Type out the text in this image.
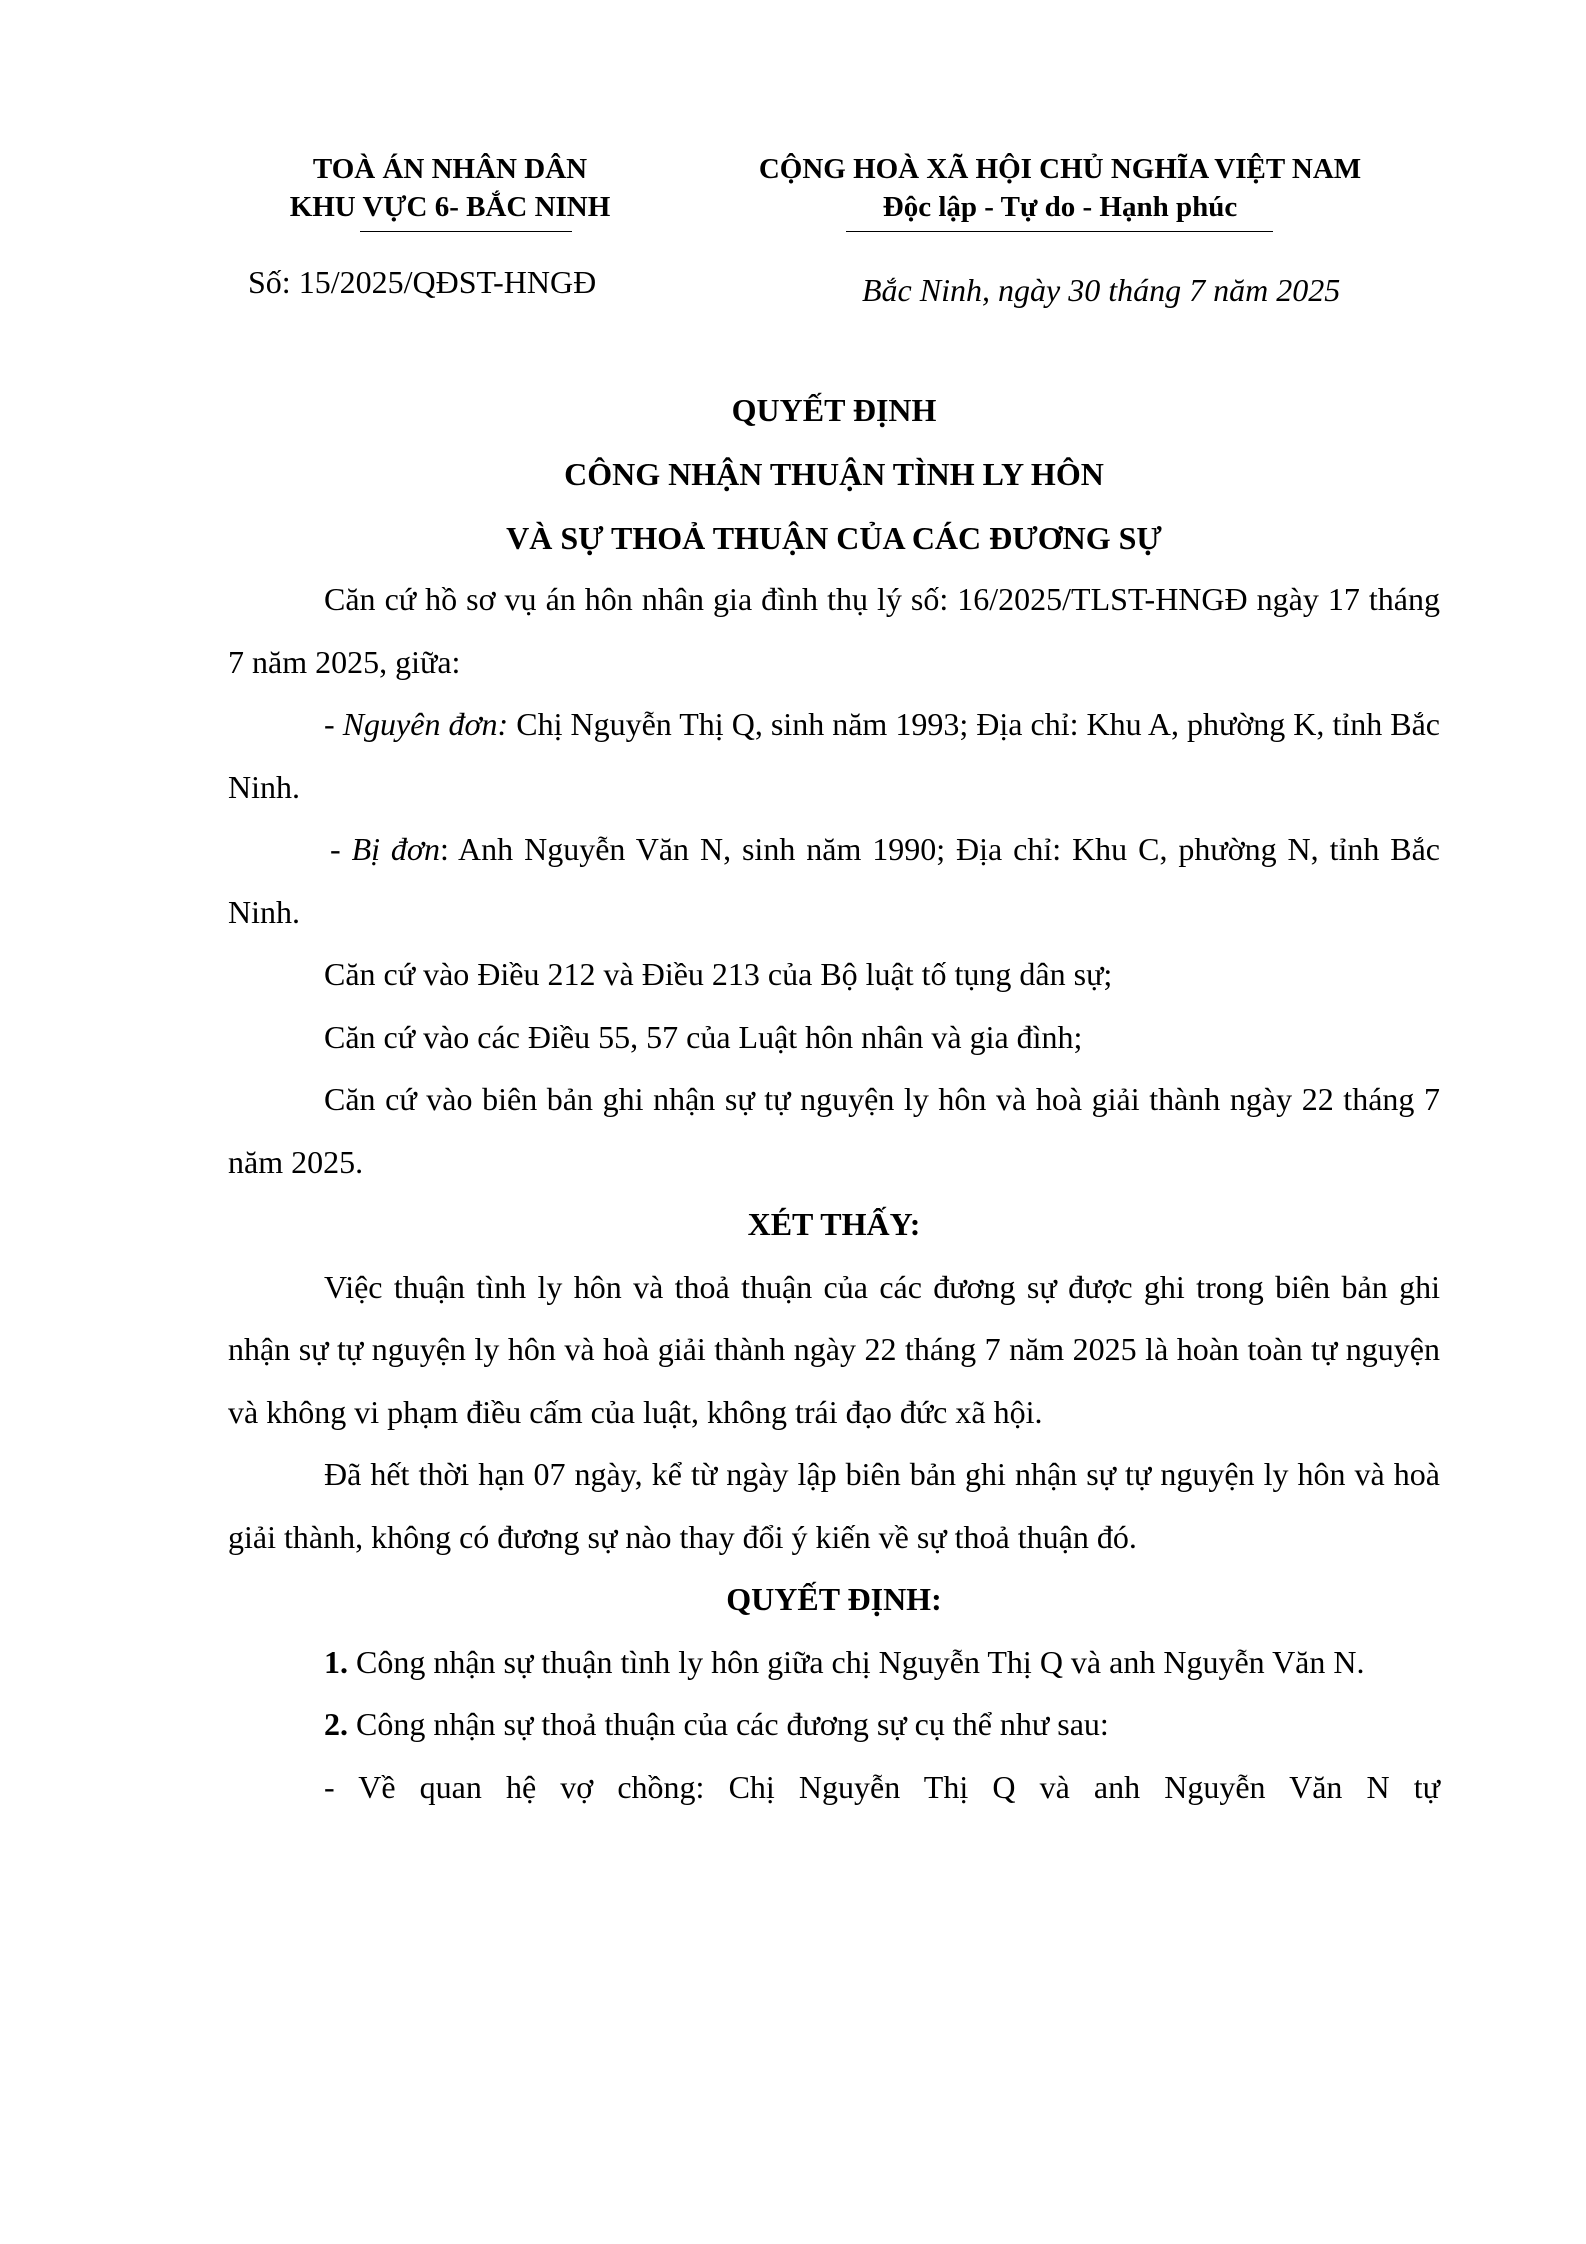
TOÀ ÁN NHÂN DÂN
KHU VỰC 6- BẮC NINH
CỘNG HOÀ XÃ HỘI CHỦ NGHĨA VIỆT NAM
Độc lập - Tự do - Hạnh phúc
Số: 15/2025/QĐST-HNGĐ	Bắc Ninh, ngày 30 tháng 7 năm 2025
QUYẾT ĐỊNH
CÔNG NHẬN THUẬN TÌNH LY HÔN
VÀ SỰ THOẢ THUẬN CỦA CÁC ĐƯƠNG SỰ

Căn cứ hồ sơ vụ án hôn nhân gia đình thụ lý số: 16/2025/TLST-HNGĐ ngày 17 tháng 7 năm 2025, giữa:

- Nguyên đơn: Chị Nguyễn Thị Q, sinh năm 1993; Địa chỉ: Khu A, phường K, tỉnh Bắc Ninh.

- Bị đơn: Anh Nguyễn Văn N, sinh năm 1990; Địa chỉ: Khu C, phường N, tỉnh Bắc Ninh.

Căn cứ vào Điều 212 và Điều 213 của Bộ luật tố tụng dân sự;

Căn cứ vào các Điều 55, 57 của Luật hôn nhân và gia đình;

Căn cứ vào biên bản ghi nhận sự tự nguyện ly hôn và hoà giải thành ngày 22 tháng 7 năm 2025.

XÉT THẤY:

Việc thuận tình ly hôn và thoả thuận của các đương sự được ghi trong biên bản ghi nhận sự tự nguyện ly hôn và hoà giải thành ngày 22 tháng 7 năm 2025 là hoàn toàn tự nguyện và không vi phạm điều cấm của luật, không trái đạo đức xã hội.

Đã hết thời hạn 07 ngày, kể từ ngày lập biên bản ghi nhận sự tự nguyện ly hôn và hoà giải thành, không có đương sự nào thay đổi ý kiến về sự thoả thuận đó.

QUYẾT ĐỊNH:

1. Công nhận sự thuận tình ly hôn giữa chị Nguyễn Thị Q và anh Nguyễn Văn N.

2. Công nhận sự thoả thuận của các đương sự cụ thể như sau:

- Về quan hệ vợ chồng: Chị Nguyễn Thị Q và anh Nguyễn Văn N tự
